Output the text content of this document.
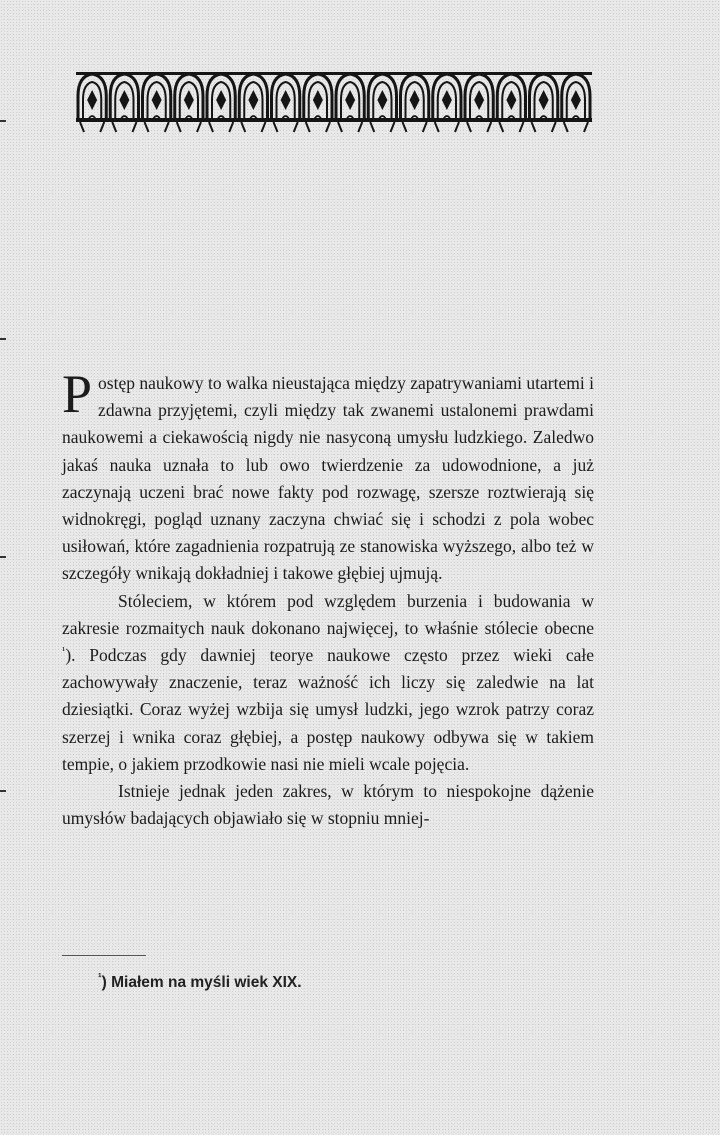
Postęp naukowy to walka nieustająca między zapatrywaniami utartemi i zdawna przyjętemi, czyli między tak zwanemi ustalonemi prawdami naukowemi a ciekawością nigdy nie nasyconą umysłu ludzkiego. Zaledwo jakaś nauka uznała to lub owo twierdzenie za udowodnione, a już zaczynają uczeni brać nowe fakty pod rozwagę, szersze roztwierają się widnokręgi, pogląd uznany zaczyna chwiać się i schodzi z pola wobec usiłowań, które zagadnienia rozpatrują ze stanowiska wyższego, albo też w szczegóły wnikają dokładniej i takowe głębiej ujmują.

Stóleciem, w którem pod względem burzenia i budowania w zakresie rozmaitych nauk dokonano najwięcej, to właśnie stólecie obecne $^{^1}$). Podczas gdy dawniej teorye naukowe często przez wieki całe zachowywały znaczenie, teraz ważność ich liczy się zaledwie na lat dziesiątki. Coraz wyżej wzbija się umysł ludzki, jego wzrok patrzy coraz szerzej i wnika coraz głębiej, a postęp naukowy odbywa się w takiem tempie, o jakiem przodkowie nasi nie mieli wcale pojęcia.

Istnieje jednak jeden zakres, w którym to niespokojne dążenie umysłów badających objawiało się w stopniu mniej-

$^{^1}$) Miałem na myśli wiek XIX.
